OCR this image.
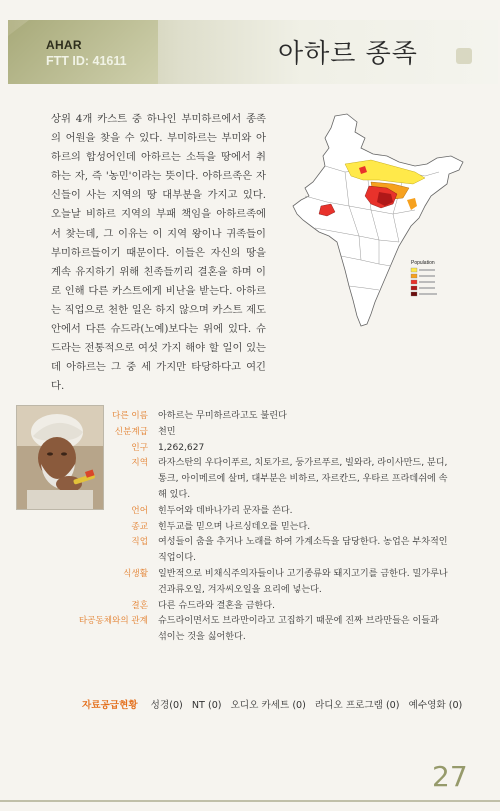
AHAR
FTT ID: 41611	아하르 종족
상위 4개 카스트 중 하나인 부미하르에서 종족의 어원을 찾을 수 있다. 부미하르는 부미와 아하르의 합성어인데 아하르는 소득을 땅에서 취하는 자, 즉 '농민'이라는 뜻이다. 아하르족은 자신들이 사는 지역의 땅 대부분을 가지고 있다. 오늘날 비하르 지역의 부패 책임을 아하르족에서 찾는데, 그 이유는 이 지역 왕이나 귀족들이 부미하르들이기 때문이다. 이들은 자신의 땅을 계속 유지하기 위해 친족들끼리 결혼을 하며 이로 인해 다른 카스트에게 비난을 받는다. 아하르는 직업으로 천한 일은 하지 않으며 카스트 제도 안에서 다른 슈드라(노예)보다는 위에 있다. 슈드라는 전통적으로 여섯 가지 해야 할 일이 있는데 아하르는 그 중 세 가지만 타당하다고 여긴다.
Population
다른 이름	아하르는 무미하르라고도 불린다
신분계급	천민
인구	1,262,627
지역	라자스탄의 우다이푸르, 치토가르, 둥가르푸르, 빌와라, 라이사만드, 분디, 통크, 아이메르에 살며, 대부분은 비하르, 자르칸드, 우타르 프라데쉬에 속해 있다.
언어	힌두어와 데바나가리 문자를 쓴다.
종교	힌두교를 믿으며 나르싱데오를 믿는다.
직업	여성들이 춤을 추거나 노래를 하여 가계소득을 담당한다. 농업은 부차적인 직업이다.
식생활	일반적으로 비채식주의자들이나 고기종류와 돼지고기를 금한다. 밀가루나 건과류오일, 겨자씨오일을 요리에 넣는다.
결혼	다른 슈드라와 결혼을 금한다.
타공동체와의 관계	슈드라이면서도 브라만이라고 고집하기 때문에 진짜 브라만들은 이들과 섞이는 것을 싫어한다.
자료공급현황 성경(0) NT (0) 오디오 카세트 (0) 라디오 프로그램 (0) 예수영화 (0)
27
